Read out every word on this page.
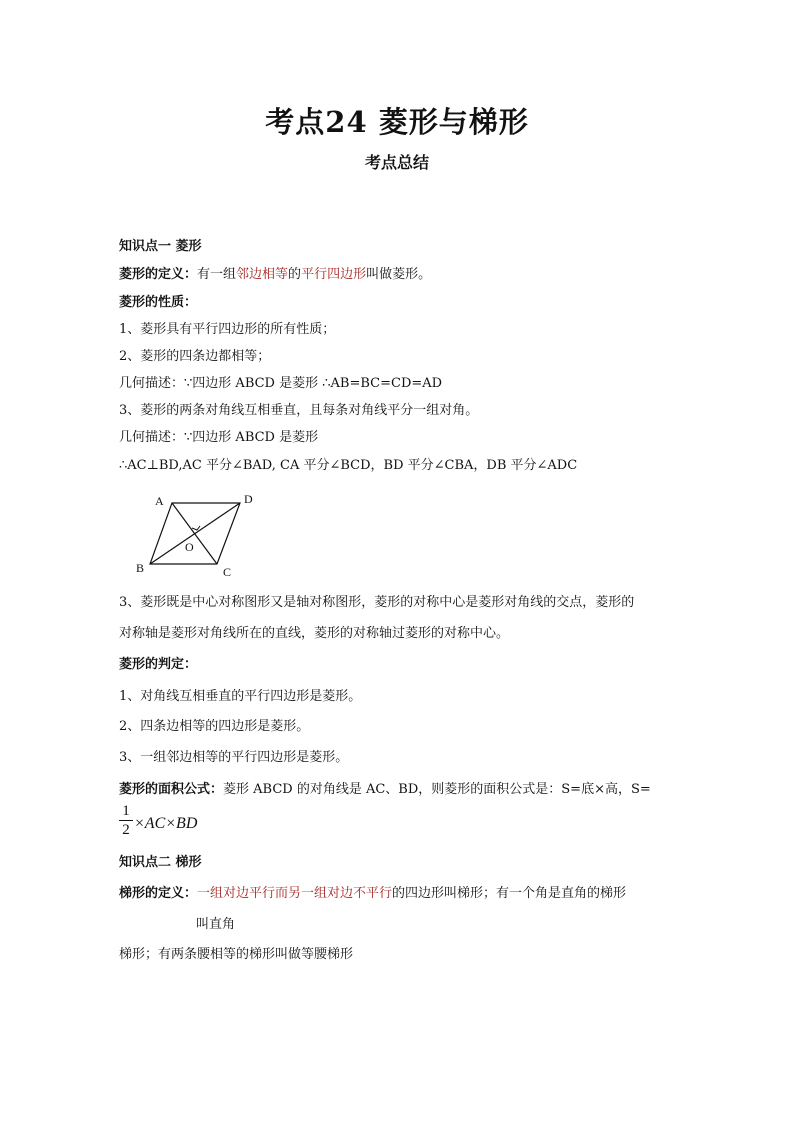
考点24 菱形与梯形
考点总结
知识点一 菱形
菱形的定义：有一组邻边相等的平行四边形叫做菱形。
菱形的性质：
1、菱形具有平行四边形的所有性质；
2、菱形的四条边都相等；
几何描述：∵四边形 ABCD 是菱形 ∴AB=BC=CD=AD
3、菱形的两条对角线互相垂直，且每条对角线平分一组对角。
几何描述：∵四边形 ABCD 是菱形
∴AC⊥BD,AC 平分∠BAD, CA 平分∠BCD，BD 平分∠CBA，DB 平分∠ADC
A	D
B	C
O
3、菱形既是中心对称图形又是轴对称图形，菱形的对称中心是菱形对角线的交点，菱形的
对称轴是菱形对角线所在的直线，菱形的对称轴过菱形的对称中心。
菱形的判定：
1、对角线互相垂直的平行四边形是菱形。
2、四条边相等的四边形是菱形。
3、一组邻边相等的平行四边形是菱形。
菱形的面积公式：菱形 ABCD 的对角线是 AC、BD，则菱形的面积公式是：S=底×高，S=
1
2 ×AC×BD
知识点二 梯形
梯形的定义：一组对边平行而另一组对边不平行的四边形叫梯形；有一个角是直角的梯形
叫直角
梯形；有两条腰相等的梯形叫做等腰梯形
